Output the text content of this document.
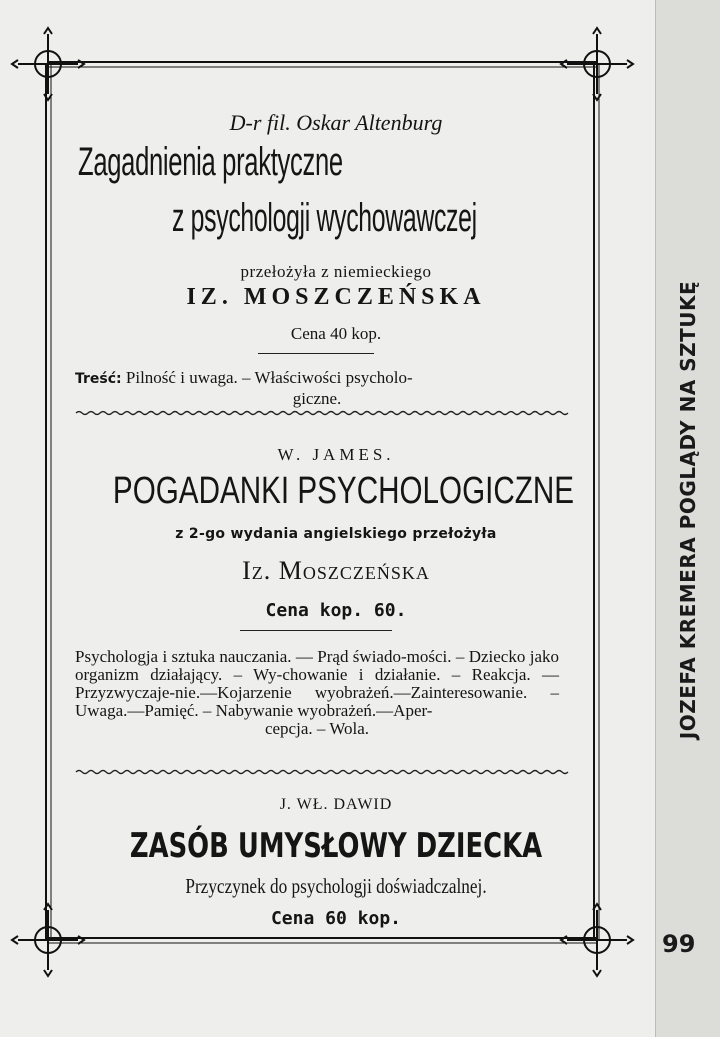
JOZEFA KREMERA POGLĄDY NA SZTUKĘ
99
D-r fil. Oskar Altenburg
Zagadnienia praktyczne
z psychologji wychowawczej
przełożyła z niemieckiego
IZ. MOSZCZEŃSKA
Cena 40 kop.

Treść: Pilność i uwaga. – Właściwości psycholo-
giczne.

W. JAMES.
POGADANKI PSYCHOLOGICZNE
z 2-go wydania angielskiego przełożyła
Iz. Moszczeńska
Cena kop. 60.

Psychologja i sztuka nauczania. — Prąd świado-mości. – Dziecko jako organizm działający. – Wy-chowanie i działanie. – Reakcja. — Przyzwyczaje-nie.—Kojarzenie wyobrażeń.—Zainteresowanie. – Uwaga.—Pamięć. – Nabywanie wyobrażeń.—Aper-
cepcja. – Wola.

J. WŁ. DAWID
ZASÓB UMYSŁOWY DZIECKA
Przyczynek do psychologji doświadczalnej.
Cena 60 kop.
